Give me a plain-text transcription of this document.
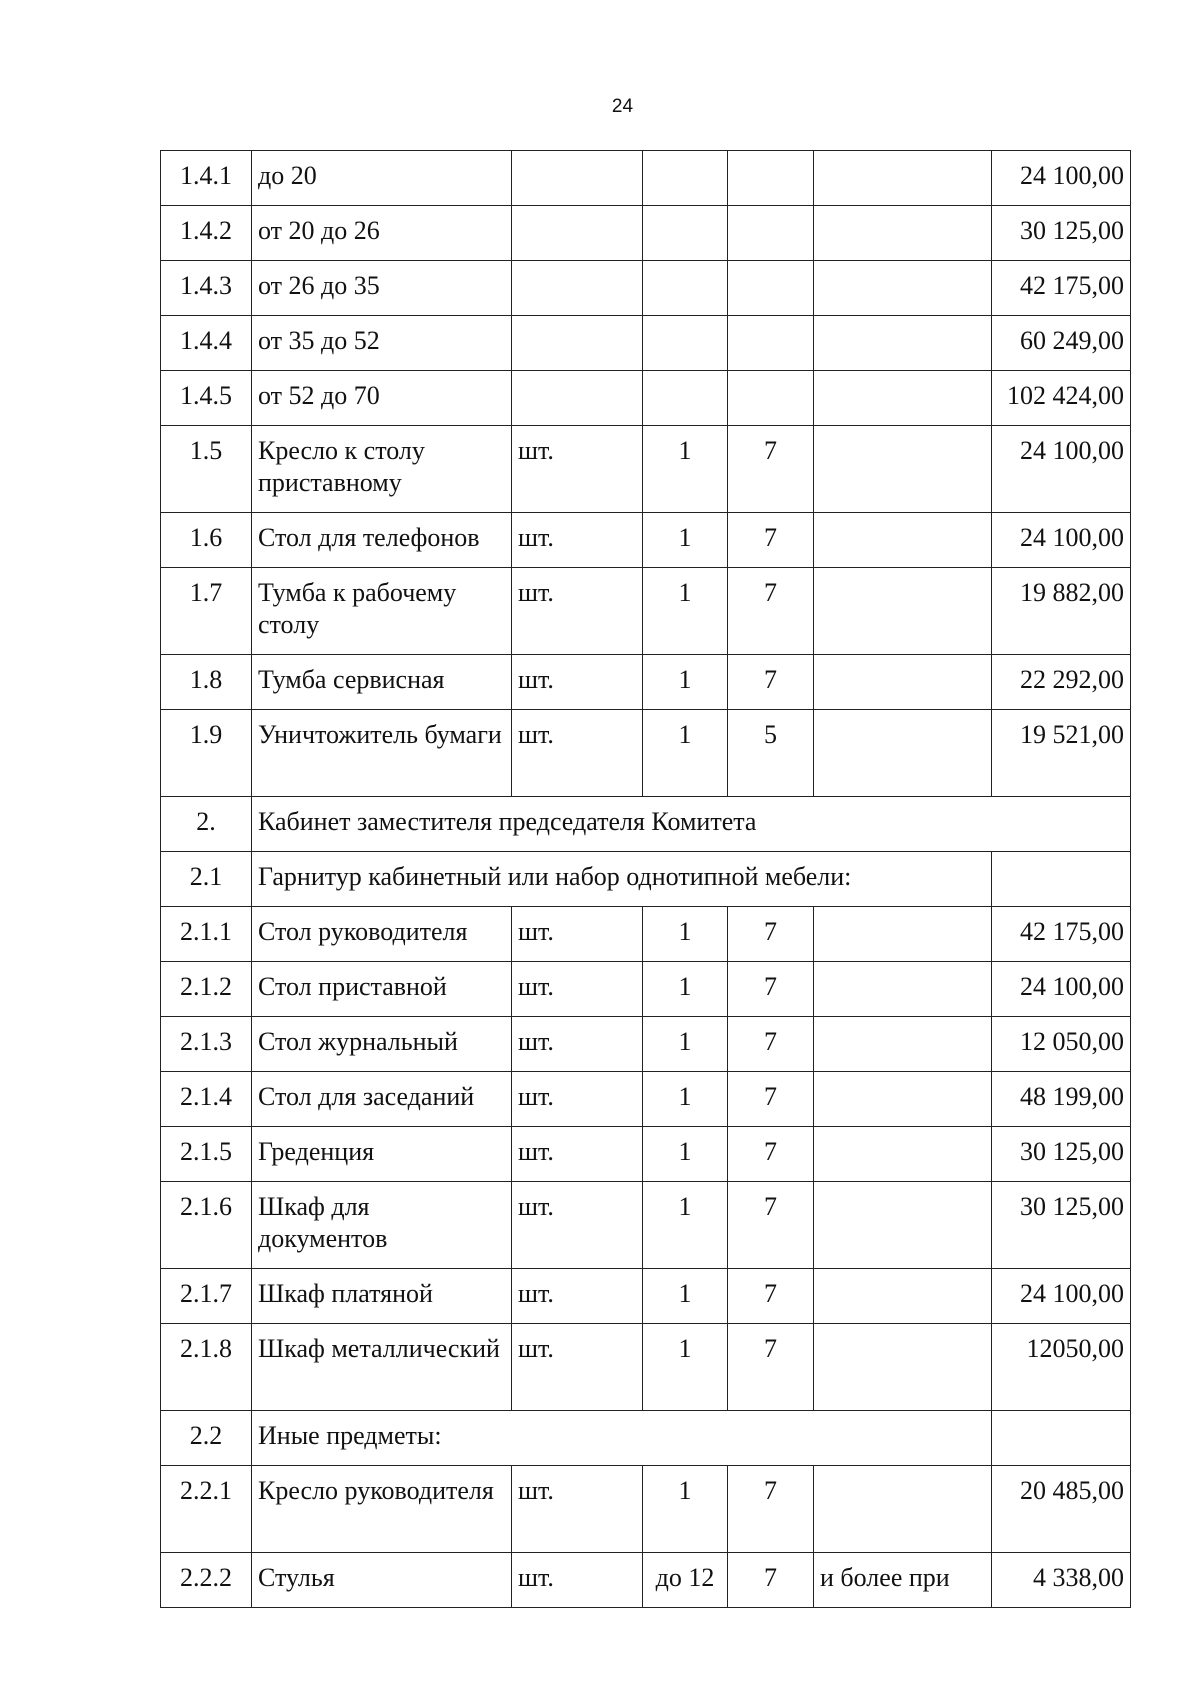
24
1.4.1	до 20					24 100,00
1.4.2	от 20 до 26					30 125,00
1.4.3	от 26 до 35					42 175,00
1.4.4	от 35 до 52					60 249,00
1.4.5	от 52 до 70					102 424,00
1.5	Кресло к столу приставному	шт.	1	7		24 100,00
1.6	Стол для телефонов	шт.	1	7		24 100,00
1.7	Тумба к рабочему столу	шт.	1	7		19 882,00
1.8	Тумба сервисная	шт.	1	7		22 292,00
1.9	Уничтожитель бумаги	шт.	1	5		19 521,00
2.	Кабинет заместителя председателя Комитета					
2.1	Гарнитур кабинетный или набор однотипной мебели:					
2.1.1	Стол руководителя	шт.	1	7		42 175,00
2.1.2	Стол приставной	шт.	1	7		24 100,00
2.1.3	Стол журнальный	шт.	1	7		12 050,00
2.1.4	Стол для заседаний	шт.	1	7		48 199,00
2.1.5	Греденция	шт.	1	7		30 125,00
2.1.6	Шкаф для документов	шт.	1	7		30 125,00
2.1.7	Шкаф платяной	шт.	1	7		24 100,00
2.1.8	Шкаф металлический	шт.	1	7		12050,00
2.2	Иные предметы:					
2.2.1	Кресло руководителя	шт.	1	7		20 485,00
2.2.2	Стулья	шт.	до 12	7	и более при	4 338,00
